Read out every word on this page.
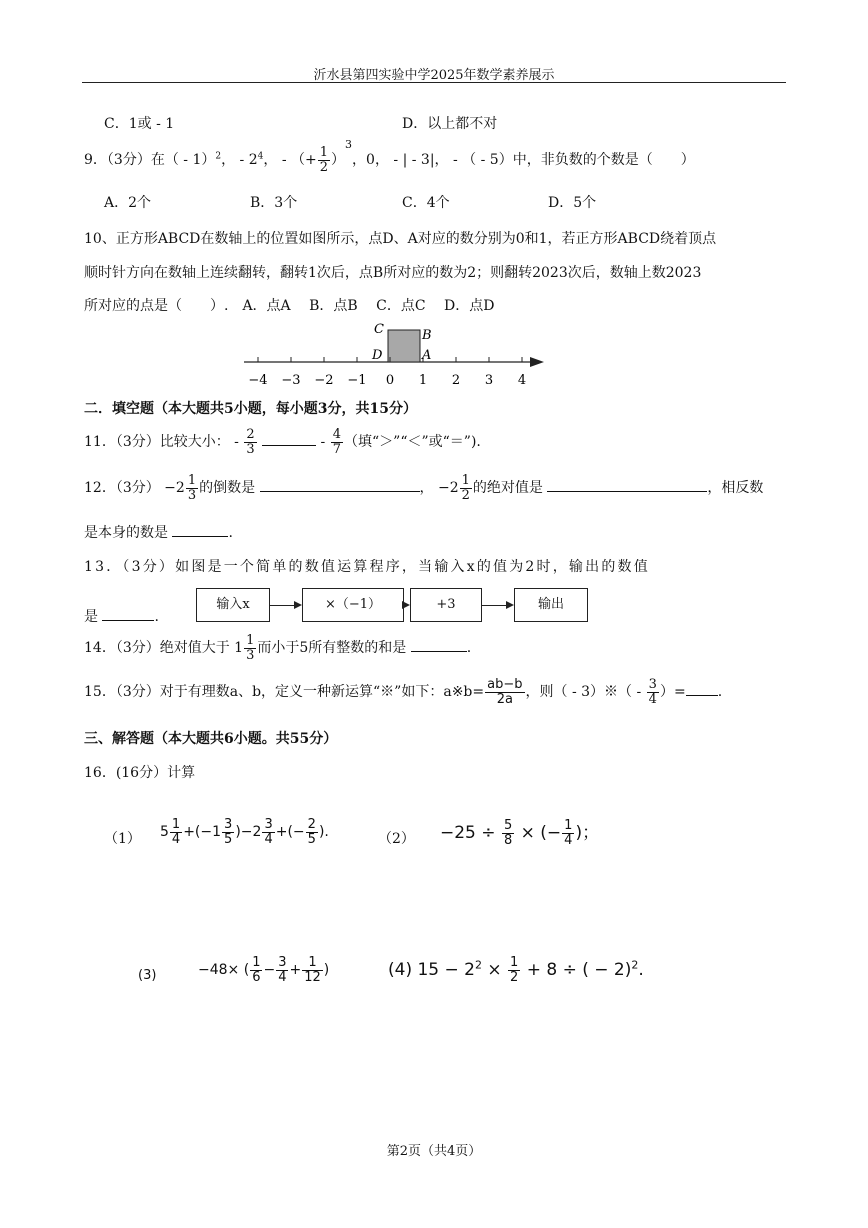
沂水县第四实验中学2025年数学素养展示
C．1或 - 1	D．以上都不对
9．（3分）在（ - 1）$^2$， - $2^4$， - （+ $\frac{1}{2} )^3$，0， - | - 3|， - （ - 5）中，非负数的个数是（　　）
A．2个	B．3个	C．4个	D．5个
10、正方形ABCD在数轴上的位置如图所示，点D、A对应的数分别为0和1，若正方形ABCD绕着顶点
顺时针方向在数轴上连续翻转，翻转1次后，点B所对应的数为2；则翻转2023次后，数轴上数2023
所对应的点是（　　）.　A．点A　 B．点B　 C．点C　 D．点D
−4 −3 −2 −1 0 1 2 3 4
C	B
D	A
二．填空题（本大题共5小题，每小题3分，共15分）
11．（3分）比较大小： - $\frac{2}{3}$	- $\frac{4}{7}$ （填“＞”“＜”或“＝”).
12．（3分） $-2 \frac{1}{3}$ 的倒数是	， $-2 \frac{1}{2}$ 的绝对值是	，相反数
是本身的数是	.
13．（3分）如图是一个简单的数值运算程序，当输入x的值为2时，输出的数值
是	.
输入x	×（−1）	+3	输出
14．（3分）绝对值大于 $1 \frac{1}{3}$ 而小于5所有整数的和是	.
15．（3分）对于有理数a、b，定义一种新运算“※”如下：a※b= $\frac{ab-b}{2a}$ ，则（ - 3）※（ - $\frac{3}{4}$ ）= .
三、解答题（本大题共6小题。共55分）
16．(16分）计算
（1） $5 \frac{1}{4} +(-1 \frac{3}{5} )-2 \frac{3}{4}$ +(− $\frac{2}{5}$ ).	$(2) -25 \div \frac{5}{8}$ × (− $\frac{1}{4}$ )；
(3)	−48× ( $\frac{1}{6} - \frac{3}{4} + \frac{1}{12}$ )	(4) $15 - 2^2 \times \frac{1}{2} + 8$ ÷ ( − 2)$^2$.
第2页（共4页）
